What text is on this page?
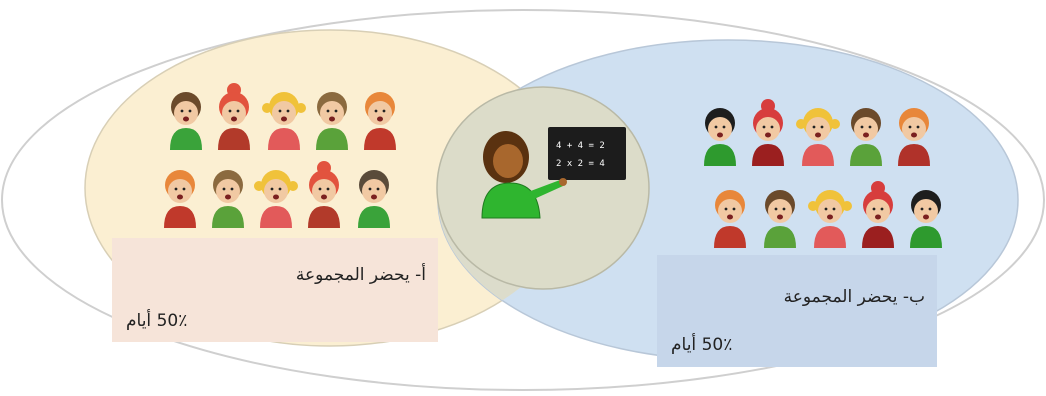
4 + 4 = 2
2 x 2 = 4
أ- يحضر المجموعة
50٪ أيام
ب- يحضر المجموعة
50٪ أيام
